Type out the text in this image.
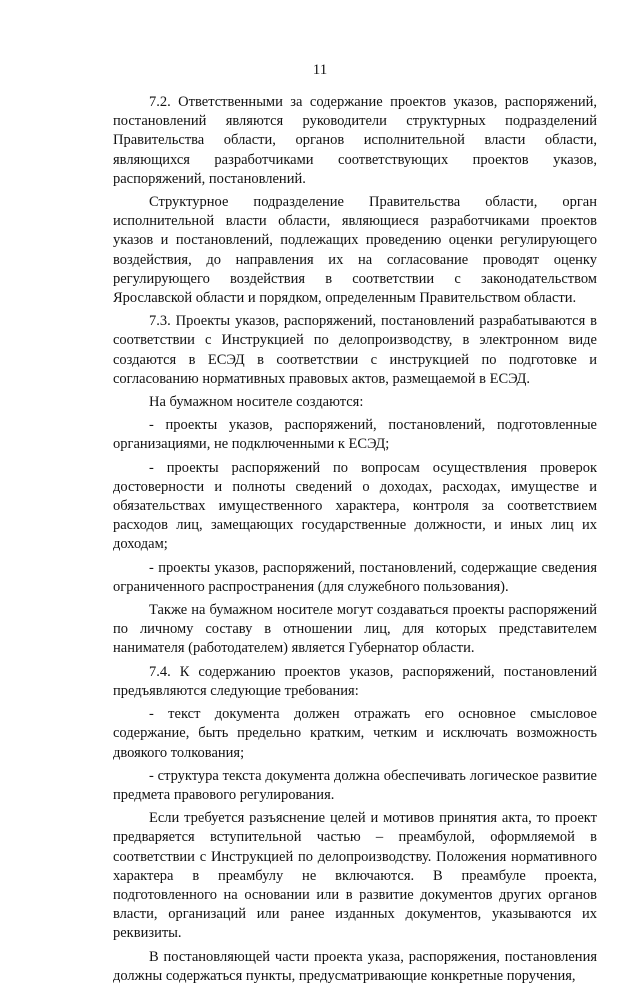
11

7.2. Ответственными за содержание проектов указов, распоряжений, постановлений являются руководители структурных подразделений Правительства области, органов исполнительной власти области, являющихся разработчиками соответствующих проектов указов, распоряжений, постановлений.

Структурное подразделение Правительства области, орган исполнительной власти области, являющиеся разработчиками проектов указов и постановлений, подлежащих проведению оценки регулирующего воздействия, до направления их на согласование проводят оценку регулирующего воздействия в соответствии с законодательством Ярославской области и порядком, определенным Правительством области.

7.3. Проекты указов, распоряжений, постановлений разрабатываются в соответствии с Инструкцией по делопроизводству, в электронном виде создаются в ЕСЭД в соответствии с инструкцией по подготовке и согласованию нормативных правовых актов, размещаемой в ЕСЭД.

На бумажном носителе создаются:

- проекты указов, распоряжений, постановлений, подготовленные организациями, не подключенными к ЕСЭД;

- проекты распоряжений по вопросам осуществления проверок достоверности и полноты сведений о доходах, расходах, имуществе и обязательствах имущественного характера, контроля за соответствием расходов лиц, замещающих государственные должности, и иных лиц их доходам;

- проекты указов, распоряжений, постановлений, содержащие сведения ограниченного распространения (для служебного пользования).

Также на бумажном носителе могут создаваться проекты распоряжений по личному составу в отношении лиц, для которых представителем нанимателя (работодателем) является Губернатор области.

7.4. К содержанию проектов указов, распоряжений, постановлений предъявляются следующие требования:

- текст документа должен отражать его основное смысловое содержание, быть предельно кратким, четким и исключать возможность двоякого толкования;

- структура текста документа должна обеспечивать логическое развитие предмета правового регулирования.

Если требуется разъяснение целей и мотивов принятия акта, то проект предваряется вступительной частью – преамбулой, оформляемой в соответствии с Инструкцией по делопроизводству. Положения нормативного характера в преамбулу не включаются. В преамбуле проекта, подготовленного на основании или в развитие документов других органов власти, организаций или ранее изданных документов, указываются их реквизиты.

В постановляющей части проекта указа, распоряжения, постановления должны содержаться пункты, предусматривающие конкретные поручения,
